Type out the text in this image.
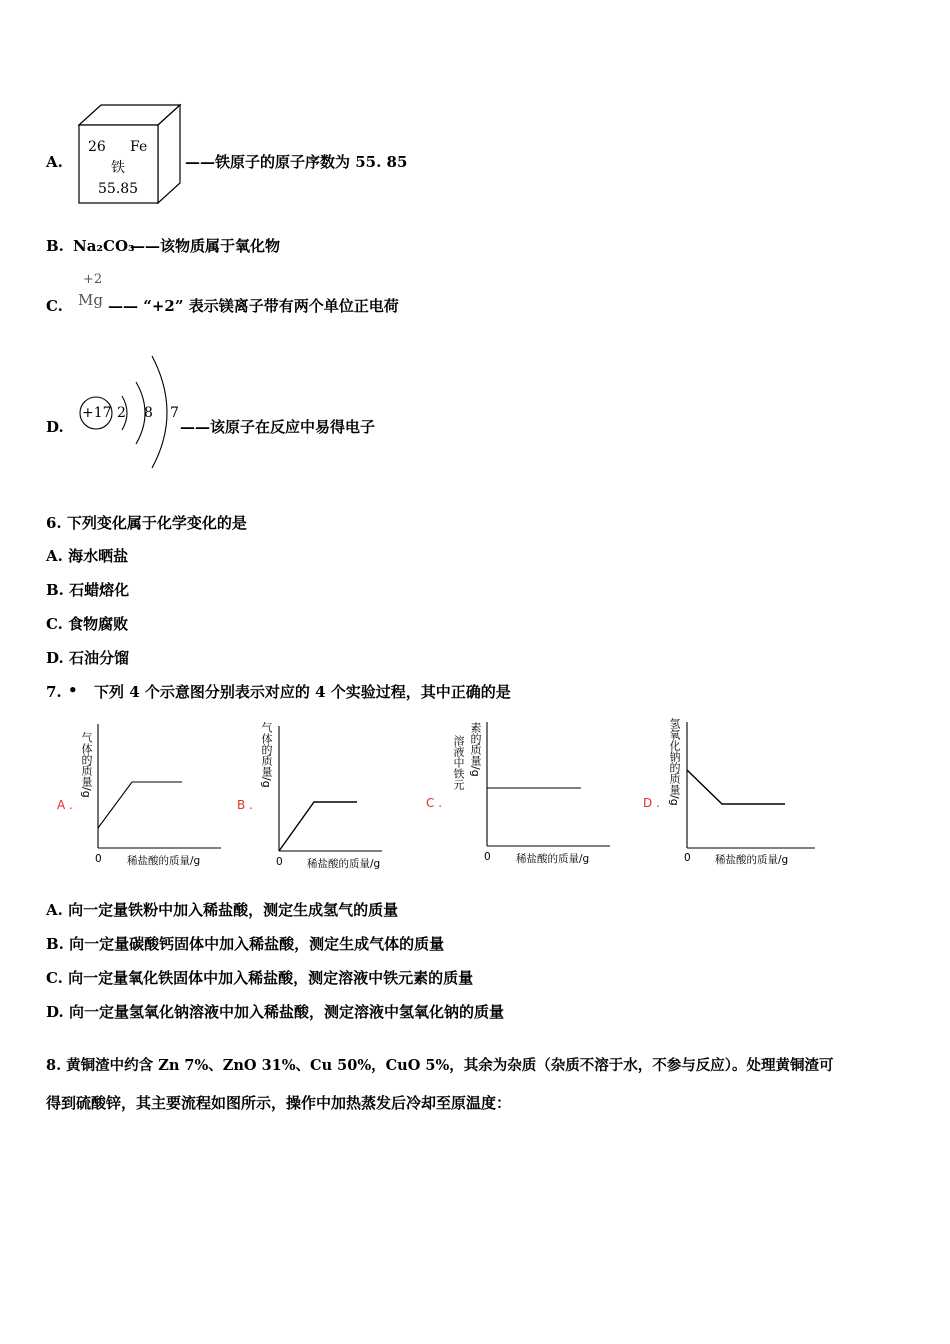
A.
26 Fe
铁
55.85
——铁原子的原子序数为 55. 85
B. Na₂CO₃
——该物质属于氧化物
C.
+2
Mg —— “+2” 表示镁离子带有两个单位正电荷
D.
+17 2 8 7
——该原子在反应中易得电子
6. 下列变化属于化学变化的是
A. 海水晒盐
B. 石蜡熔化
C. 食物腐败
D. 石油分馏
7. • 下列 4 个示意图分别表示对应的 4 个实验过程，其中正确的是
A .
气体的质量/g
0 稀盐酸的质量/g
B .
气体的质量/g
0 稀盐酸的质量/g
C .
溶液中铁元 素的质量/g
0 稀盐酸的质量/g
D . 氢氧化钠的质量/g
0 稀盐酸的质量/g
A. 向一定量铁粉中加入稀盐酸，测定生成氢气的质量
B. 向一定量碳酸钙固体中加入稀盐酸，测定生成气体的质量
C. 向一定量氧化铁固体中加入稀盐酸，测定溶液中铁元素的质量
D. 向一定量氢氧化钠溶液中加入稀盐酸，测定溶液中氢氧化钠的质量
8. 黄铜渣中约含 Zn 7%、ZnO 31%、Cu 50%，CuO 5%，其余为杂质（杂质不溶于水，不参与反应）。处理黄铜渣可
得到硫酸锌，其主要流程如图所示，操作中加热蒸发后冷却至原温度：
